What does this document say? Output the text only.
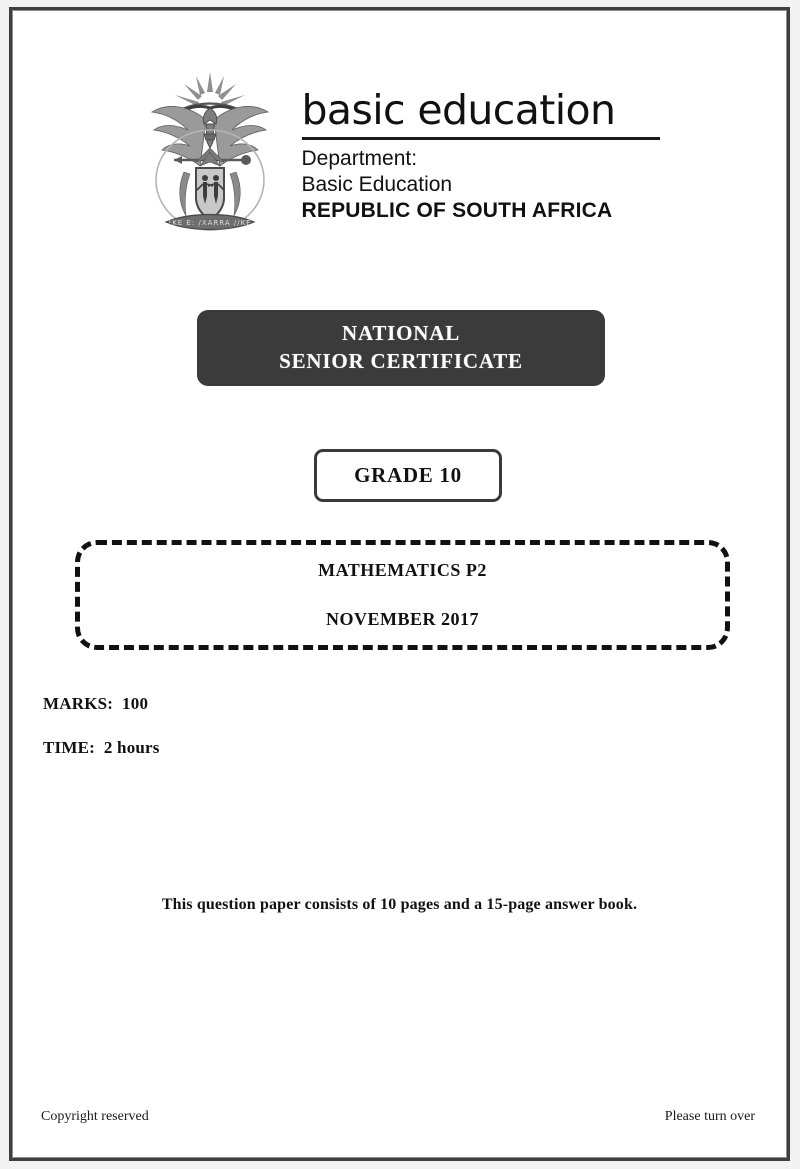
!KE E: /XARRA //KE
basic education
Department:
Basic Education
REPUBLIC OF SOUTH AFRICA
NATIONAL
SENIOR CERTIFICATE
GRADE 10
MATHEMATICS P2
NOVEMBER 2017
MARKS:  100
TIME:  2 hours
This question paper consists of 10 pages and a 15-page answer book.
Copyright reserved	Please turn over
